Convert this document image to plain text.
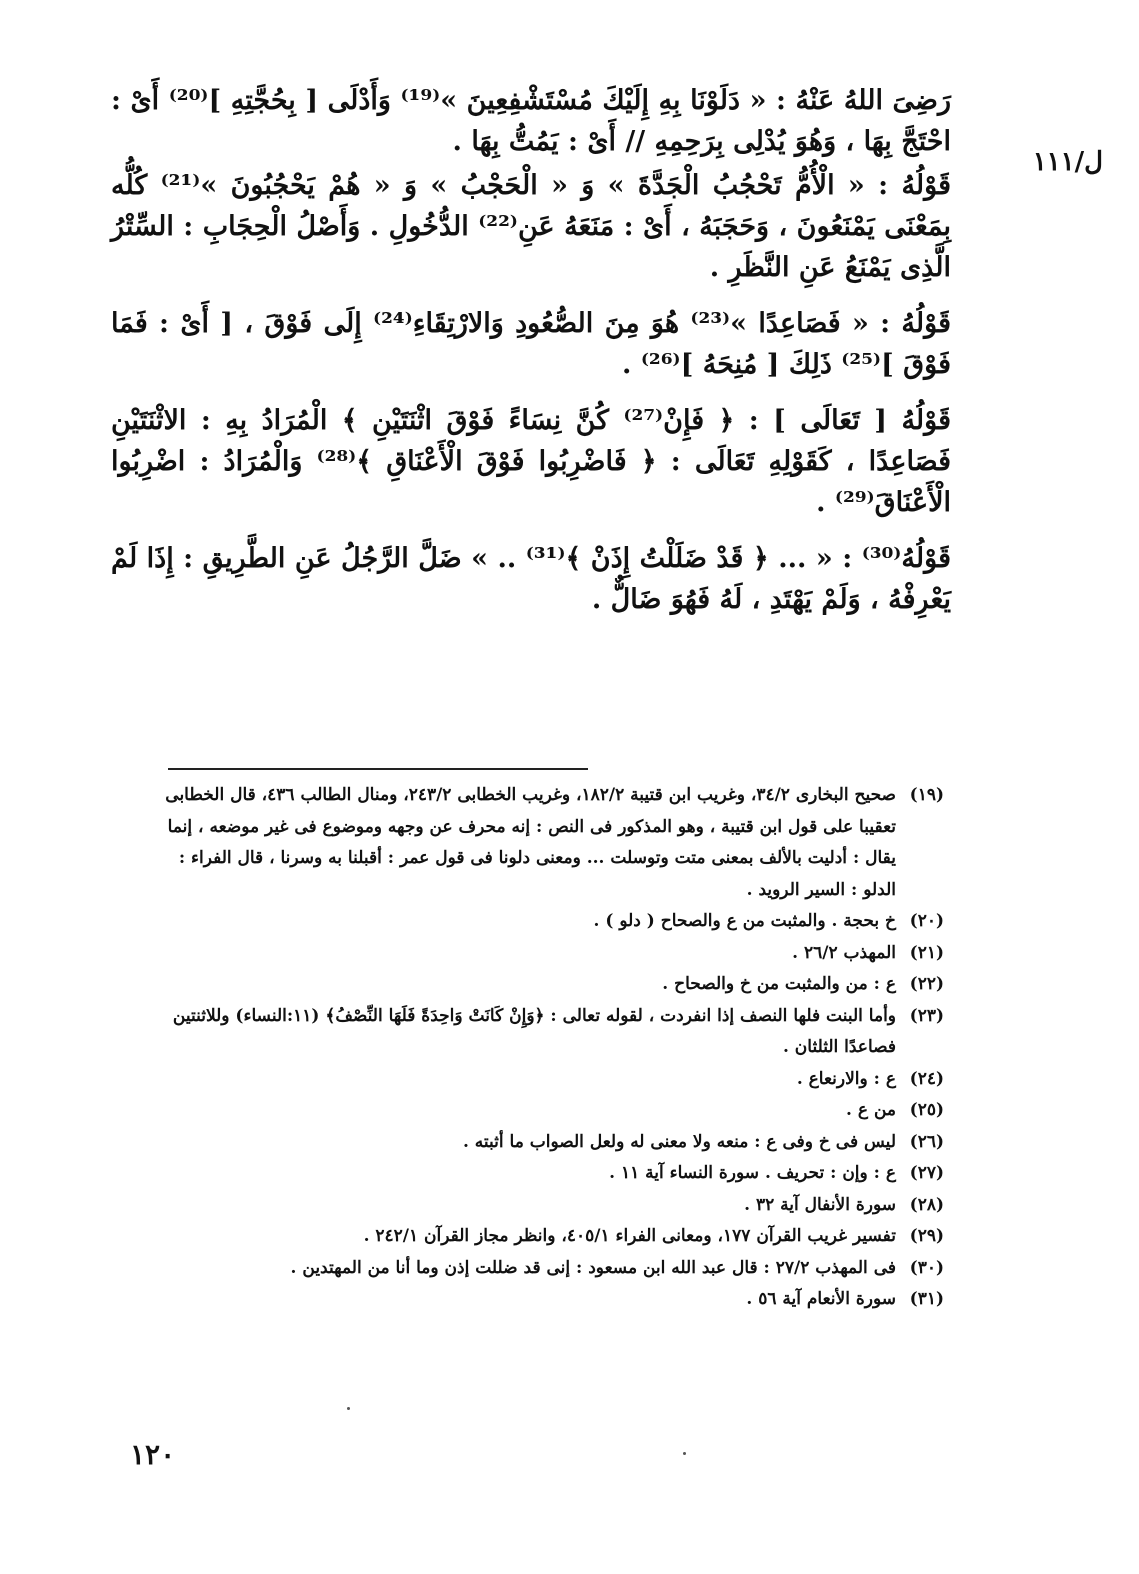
ل/١١١

رَضِىَ اللهُ عَنْهُ : « دَلَوْنَا بِهِ إِلَيْكَ مُسْتَشْفِعِينَ »⁽¹⁹⁾ وَأَدْلَى [ بِحُجَّتِهِ ]⁽²⁰⁾ أَىْ : احْتَجَّ بِهَا ، وَهُوَ يُدْلِى بِرَحِمِهِ // أَىْ : يَمُتُّ بِهَا .

قَوْلُهُ : « الْأُمُّ تَحْجُبُ الْجَدَّةَ » وَ « الْحَجْبُ » وَ « هُمْ يَحْجُبُونَ »⁽²¹⁾ كُلُّه بِمَعْنَى يَمْنَعُونَ ، وَحَجَبَهُ ، أَىْ : مَنَعَهُ عَنِ⁽²²⁾ الدُّخُولِ . وَأَصْلُ الْحِجَابِ : السِّتْرُ الَّذِى يَمْنَعُ عَنِ النَّظَرِ .

قَوْلُهُ : « فَصَاعِدًا »⁽²³⁾ هُوَ مِنَ الصُّعُودِ وَالارْتِقَاءِ⁽²⁴⁾ إِلَى فَوْقَ ، [ أَىْ : فَمَا فَوْقَ ]⁽²⁵⁾ ذَلِكَ [ مُنِحَهُ ]⁽²⁶⁾ .

قَوْلُهُ [ تَعَالَى ] : ﴿ فَإِنْ⁽²⁷⁾ كُنَّ نِسَاءً فَوْقَ اثْنَتَيْنِ ﴾ الْمُرَادُ بِهِ : الاثْنَتَيْنِ فَصَاعِدًا ، كَقَوْلِهِ تَعَالَى : ﴿ فَاضْرِبُوا فَوْقَ الْأَعْنَاقِ ﴾⁽²⁸⁾ وَالْمُرَادُ : اضْرِبُوا الْأَعْنَاقَ⁽²⁹⁾ .

قَوْلُهُ⁽³⁰⁾ : « ... ﴿ قَدْ ضَلَلْتُ إِذَنْ ﴾⁽³¹⁾ .. » ضَلَّ الرَّجُلُ عَنِ الطَّرِيقِ : إِذَا لَمْ يَعْرِفْهُ ، وَلَمْ يَهْتَدِ ، لَهُ فَهُوَ ضَالٌّ .

(١٩)
صحيح البخارى ٣٤/٢، وغريب ابن قتيبة ١٨٢/٢، وغريب الخطابى ٢٤٣/٢، ومنال الطالب ٤٣٦، قال الخطابى تعقيبا على قول ابن قتيبة ، وهو المذكور فى النص : إنه محرف عن وجهه وموضوع فى غير موضعه ، إنما يقال : أدليت بالألف بمعنى متت وتوسلت ... ومعنى دلونا فى قول عمر : أقبلنا به وسرنا ، قال الفراء : الدلو : السير الرويد .
(٢٠)
خ بحجة . والمثبت من ع والصحاح ( دلو ) .
(٢١)
المهذب ٢٦/٢ .
(٢٢)
ع : من والمثبت من خ والصحاح .
(٢٣)
وأما البنت فلها النصف إذا انفردت ، لقوله تعالى : ﴿وَإِنْ كَانَتْ وَاحِدَةً فَلَهَا النِّصْفُ﴾ (١١:النساء) وللاثنتين فصاعدًا الثلثان .
(٢٤)
ع : والارنعاع .
(٢٥)
من ع .
(٢٦)
ليس فى خ وفى ع : منعه ولا معنى له ولعل الصواب ما أثبته .
(٢٧)
ع : وإن : تحريف . سورة النساء آية ١١ .
(٢٨)
سورة الأنفال آية ٣٢ .
(٢٩)
تفسير غريب القرآن ١٧٧، ومعانى الفراء ٤٠٥/١، وانظر مجاز القرآن ٢٤٢/١ .
(٣٠)
فى المهذب ٢٧/٢ : قال عبد الله ابن مسعود : إنى قد ضللت إذن وما أنا من المهتدين .
(٣١)
سورة الأنعام آية ٥٦ .
١٢٠
